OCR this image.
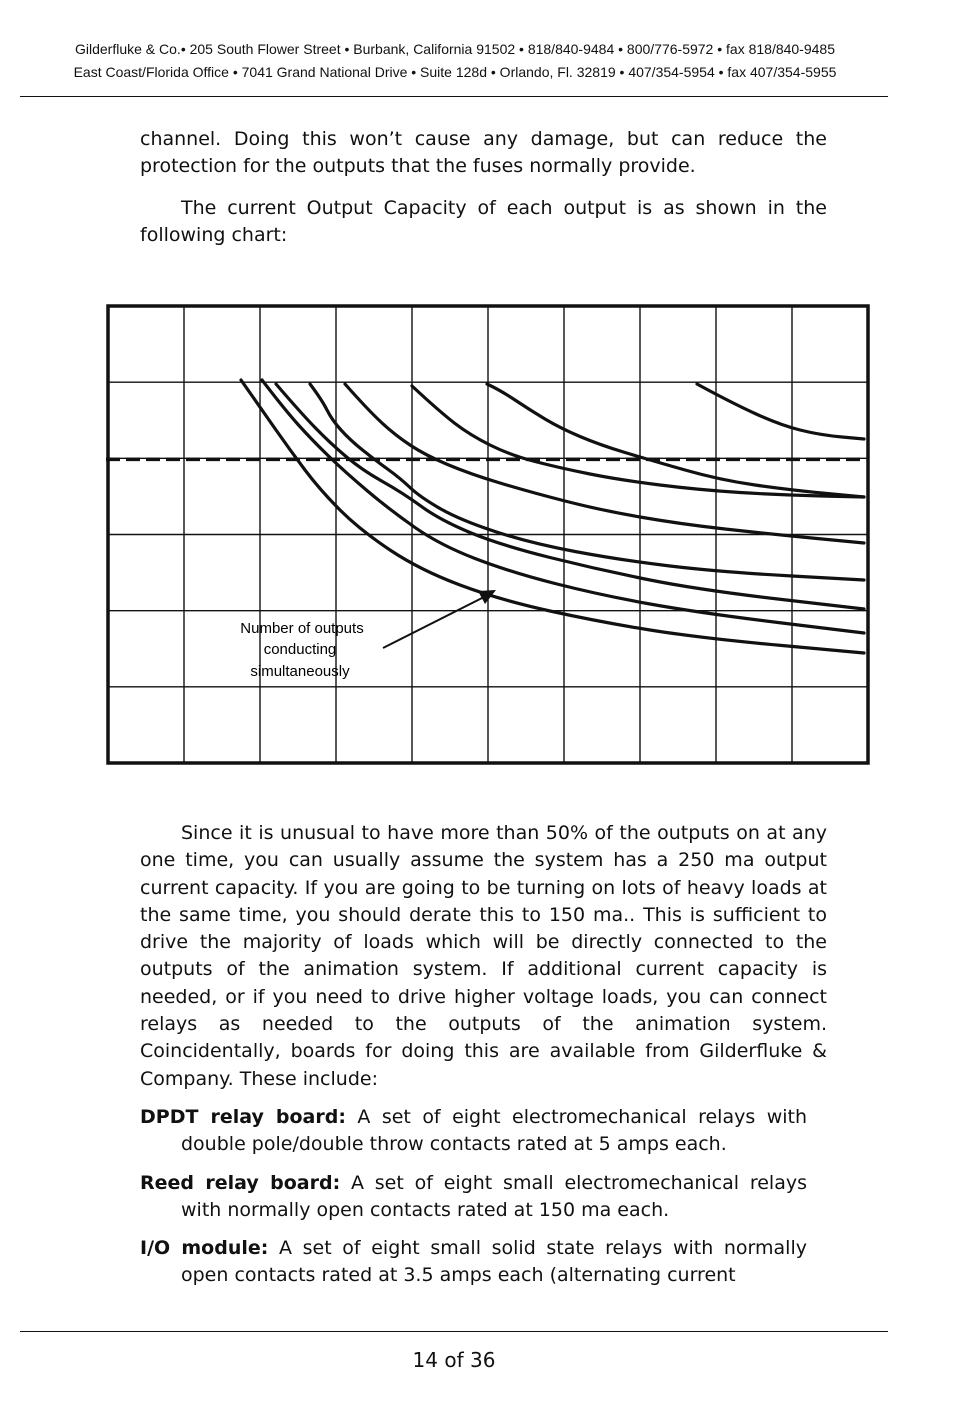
Gilderfluke & Co.• 205 South Flower Street • Burbank, California 91502 • 818/840-9484 • 800/776-5972 • fax 818/840-9485
East Coast/Florida Office • 7041 Grand National Drive • Suite 128d • Orlando, Fl. 32819 • 407/354-5954 • fax 407/354-5955

channel. Doing this won’t cause any damage, but can reduce the protection for the outputs that the fuses normally provide.

The current Output Capacity of each output is as shown in the following chart:

Number of outputs
conducting
simultaneously

Since it is unusual to have more than 50% of the outputs on at any one time, you can usually assume the system has a 250 ma output current capacity. If you are going to be turning on lots of heavy loads at the same time, you should derate this to 150 ma.. This is sufficient to drive the majority of loads which will be directly connected to the outputs of the animation system. If additional current capacity is needed, or if you need to drive higher voltage loads, you can connect relays as needed to the outputs of the animation system. Coincidentally, boards for doing this are available from Gilderfluke & Company. These include:

DPDT relay board: A set of eight electromechanical relays with double pole/double throw contacts rated at 5 amps each.

Reed relay board: A set of eight small electromechanical relays with normally open contacts rated at 150 ma each.

I/O module: A set of eight small solid state relays with normally open contacts rated at 3.5 amps each (alternating current

14 of 36
